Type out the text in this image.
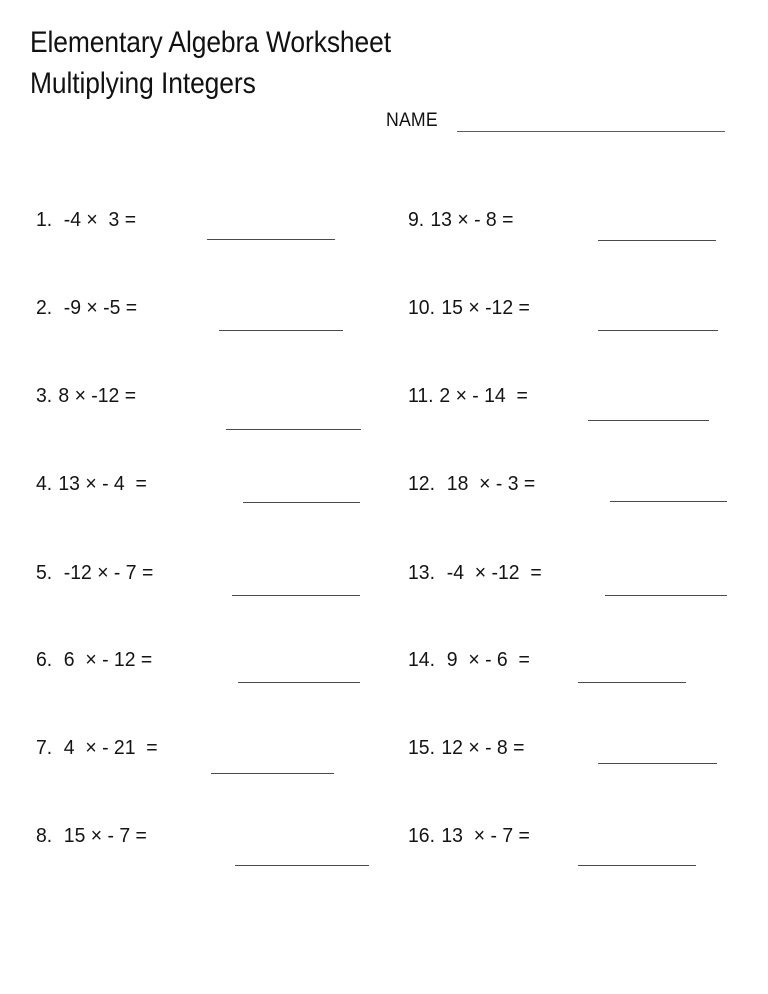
Elementary Algebra Worksheet
Multiplying Integers
NAME
1.  -4 ×  3 =
2.  -9 × -5 =
3. 8 × -12 =
4. 13 × - 4  =
5.  -12 × - 7 =
6.  6  × - 12 =
7.  4  × - 21  =
8.  15 × - 7 =
9. 13 × - 8 =
10. 15 × -12 =
11. 2 × - 14  =
12.  18  × - 3 =
13.  -4  × -12  =
14.  9  × - 6  =
15. 12 × - 8 =
16. 13  × - 7 =
